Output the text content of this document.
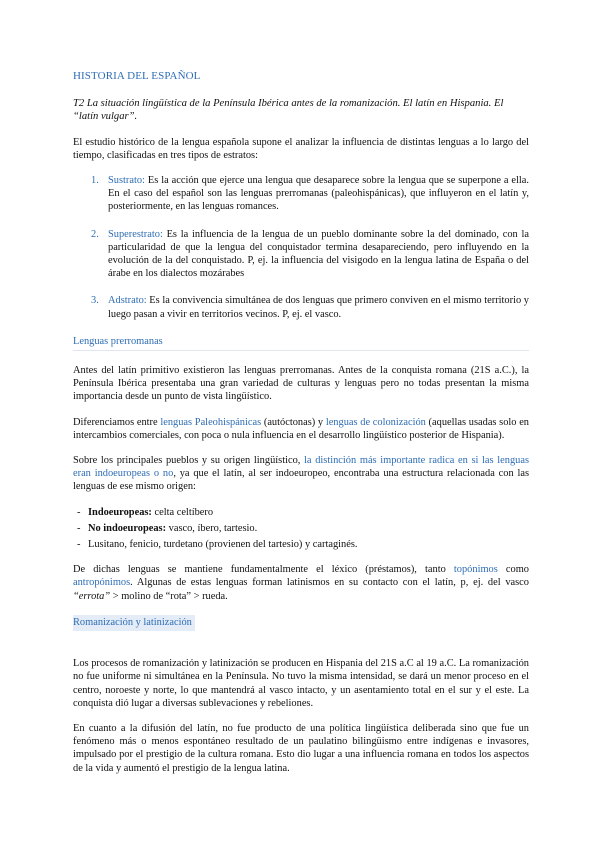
HISTORIA DEL ESPAÑOL
T2 La situación lingüística de la Península Ibérica antes de la romanización. El latín en Hispania. El “latín vulgar”.

El estudio histórico de la lengua española supone el analizar la influencia de distintas lenguas a lo largo del tiempo, clasificadas en tres tipos de estratos:

1. Sustrato: Es la acción que ejerce una lengua que desaparece sobre la lengua que se superpone a ella. En el caso del español son las lenguas prerromanas (paleohispánicas), que influyeron en el latín y, posteriormente, en las lenguas romances.
2. Superestrato: Es la influencia de la lengua de un pueblo dominante sobre la del dominado, con la particularidad de que la lengua del conquistador termina desapareciendo, pero influyendo en la evolución de la del conquistado. P, ej. la influencia del visigodo en la lengua latina de España o del árabe en los dialectos mozárabes
3. Adstrato: Es la convivencia simultánea de dos lenguas que primero conviven en el mismo territorio y luego pasan a vivir en territorios vecinos. P, ej. el vasco.
Lenguas prerromanas

Antes del latín primitivo existieron las lenguas prerromanas. Antes de la conquista romana (21S a.C.), la Península Ibérica presentaba una gran variedad de culturas y lenguas pero no todas presentan la misma importancia desde un punto de vista lingüístico.

Diferenciamos entre lenguas Paleohispánicas (autóctonas) y lenguas de colonización (aquellas usadas solo en intercambios comerciales, con poca o nula influencia en el desarrollo lingüístico posterior de Hispania).

Sobre los principales pueblos y su origen lingüístico, la distinción más importante radica en si las lenguas eran indoeuropeas o no, ya que el latín, al ser indoeuropeo, encontraba una estructura relacionada con las lenguas de ese mismo origen:

- Indoeuropeas: celta celtíbero
- No indoeuropeas: vasco, íbero, tartesio.
- Lusitano, fenicio, turdetano (provienen del tartesio) y cartaginés.

De dichas lenguas se mantiene fundamentalmente el léxico (préstamos), tanto topónimos como antropónimos. Algunas de estas lenguas forman latinismos en su contacto con el latín, p, ej. del vasco “errota” > molino de “rota” > rueda.

Romanización y latinización

Los procesos de romanización y latinización se producen en Hispania del 21S a.C al 19 a.C. La romanización no fue uniforme ni simultánea en la Península. No tuvo la misma intensidad, se dará un menor proceso en el centro, noroeste y norte, lo que mantendrá al vasco intacto, y un asentamiento total en el sur y el este. La conquista dió lugar a diversas sublevaciones y rebeliones.

En cuanto a la difusión del latín, no fue producto de una política lingüística deliberada sino que fue un fenómeno más o menos espontáneo resultado de un paulatino bilingüismo entre indígenas e invasores, impulsado por el prestigio de la cultura romana. Esto dio lugar a una influencia romana en todos los aspectos de la vida y aumentó el prestigio de la lengua latina.
